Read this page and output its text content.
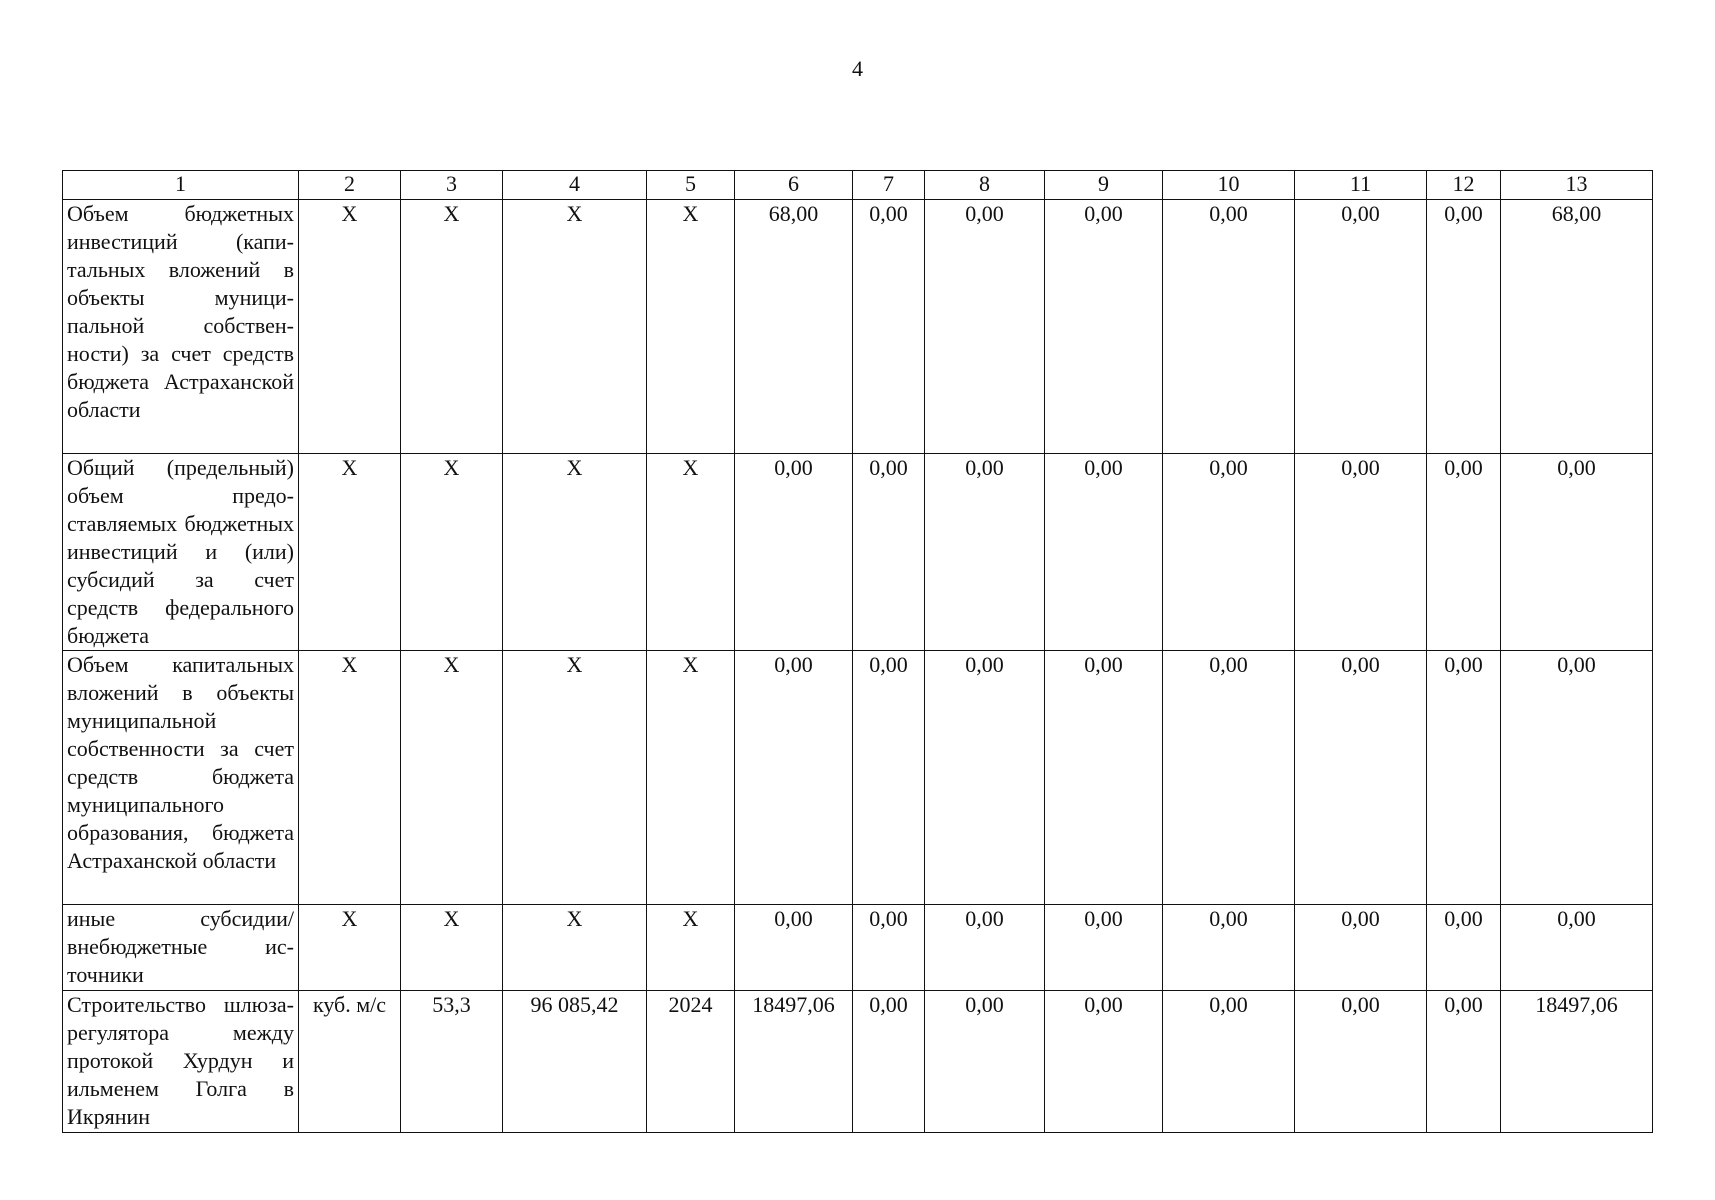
4
1	2	3	4	5	6	7	8	9	10	11	12	13
Объем бюджетных инвестиций (капитальных вложений в объекты муниципальной собственности) за счет средств бюджета Астраханской области	X	X	X	X	68,00	0,00	0,00	0,00	0,00	0,00	0,00	68,00
Общий (предельный) объем предоставляемых бюджетных инвестиций и (или) субсидий за счет средств федерального бюджета	X	X	X	X	0,00	0,00	0,00	0,00	0,00	0,00	0,00	0,00
Объем капитальных вложений в объекты муниципальной собственности за счет средств бюджета муниципального образования, бюджета Астраханской области	X	X	X	X	0,00	0,00	0,00	0,00	0,00	0,00	0,00	0,00
иные субсидии/ внебюджетные источники	X	X	X	X	0,00	0,00	0,00	0,00	0,00	0,00	0,00	0,00
Строительство шлюза-регулятора между протокой Хурдун и ильменем Голга в Икрянин	куб. м/с	53,3	96 085,42	2024	18497,06	0,00	0,00	0,00	0,00	0,00	0,00	18497,06
